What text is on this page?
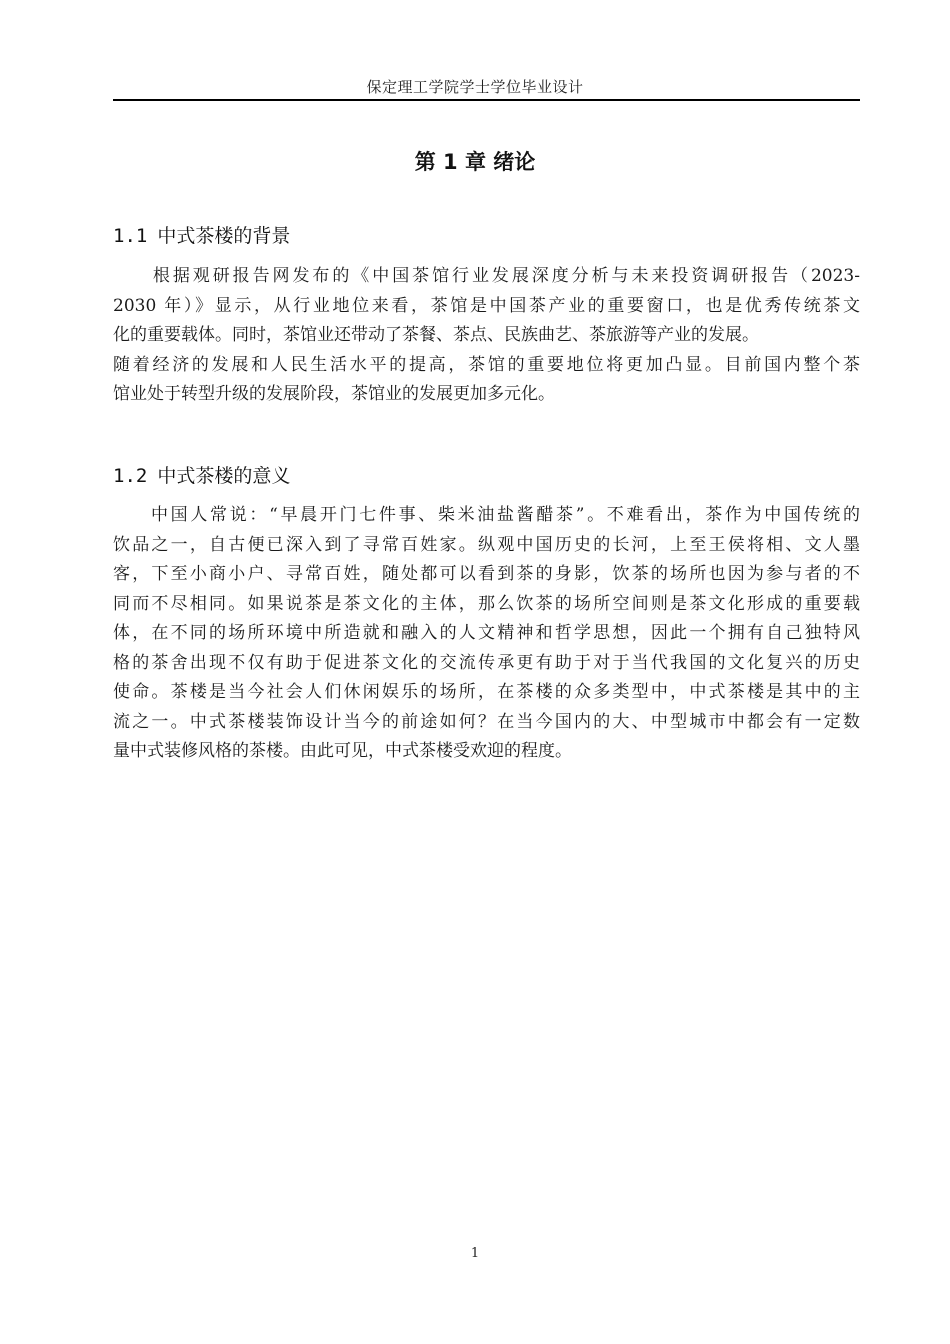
保定理工学院学士学位毕业设计
第 1 章 绪论
1.1 中式茶楼的背景
　　根据观研报告网发布的《中国茶馆行业发展深度分析与未来投资调研报告（2023-
2030 年）》显示，从行业地位来看，茶馆是中国茶产业的重要窗口，也是优秀传统茶文
化的重要载体。同时，茶馆业还带动了茶餐、茶点、民族曲艺、茶旅游等产业的发展。
随着经济的发展和人民生活水平的提高，茶馆的重要地位将更加凸显。目前国内整个茶
馆业处于转型升级的发展阶段，茶馆业的发展更加多元化。
1.2 中式茶楼的意义
中国人常说：“早晨开门七件事、柴米油盐酱醋茶”。不难看出，茶作为中国传统的
饮品之一，自古便已深入到了寻常百姓家。纵观中国历史的长河，上至王侯将相、文人墨
客，下至小商小户、寻常百姓，随处都可以看到茶的身影，饮茶的场所也因为参与者的不
同而不尽相同。如果说茶是茶文化的主体，那么饮茶的场所空间则是茶文化形成的重要载
体，在不同的场所环境中所造就和融入的人文精神和哲学思想，因此一个拥有自己独特风
格的茶舍出现不仅有助于促进茶文化的交流传承更有助于对于当代我国的文化复兴的历史
使命。茶楼是当今社会人们休闲娱乐的场所，在茶楼的众多类型中，中式茶楼是其中的主
流之一。中式茶楼装饰设计当今的前途如何？在当今国内的大、中型城市中都会有一定数
量中式装修风格的茶楼。由此可见，中式茶楼受欢迎的程度。
1
